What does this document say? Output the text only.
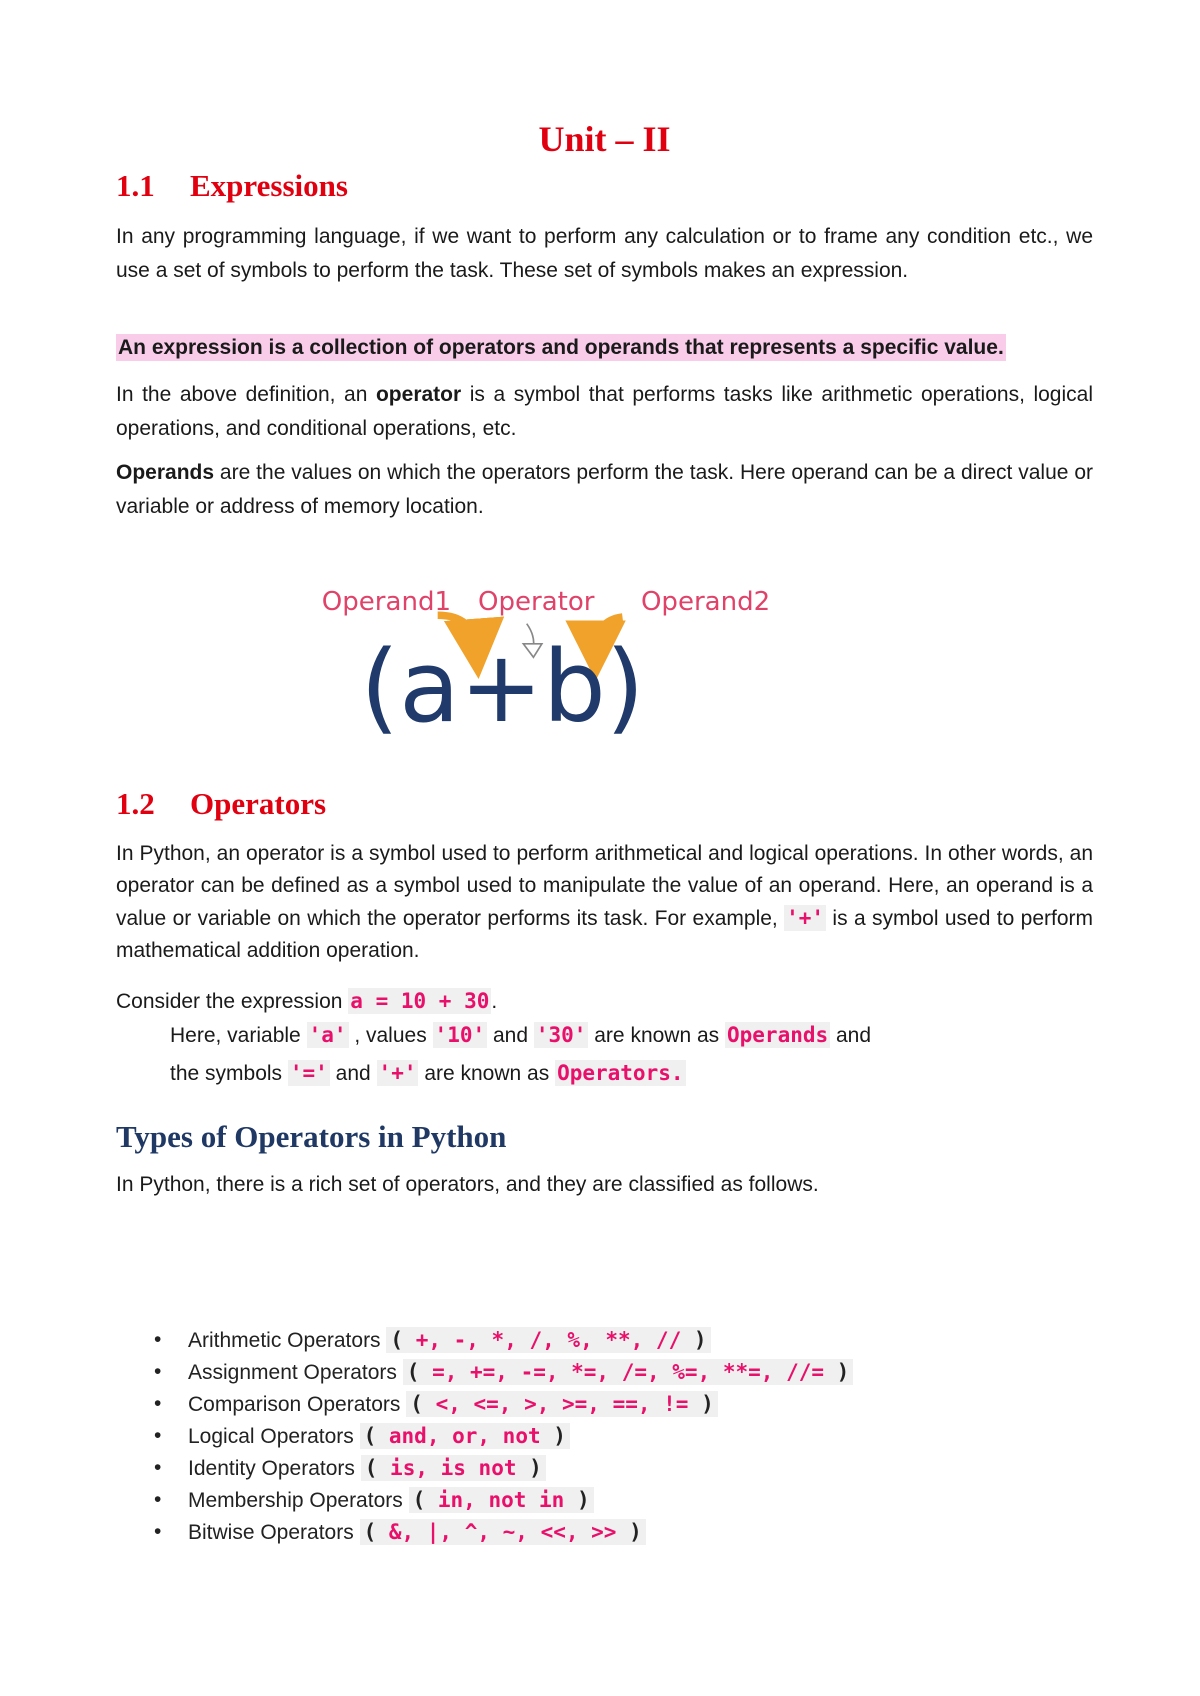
Unit – II
1.1 Expressions

In any programming language, if we want to perform any calculation or to frame any condition etc., we use a set of symbols to perform the task. These set of symbols makes an expression.

An expression is a collection of operators and operands that represents a specific value.

In the above definition, an operator is a symbol that performs tasks like arithmetic operations, logical operations, and conditional operations, etc.

Operands are the values on which the operators perform the task. Here operand can be a direct value or variable or address of memory location.

1.2 Operators

In Python, an operator is a symbol used to perform arithmetical and logical operations. In other words, an operator can be defined as a symbol used to manipulate the value of an operand. Here, an operand is a value or variable on which the operator performs its task. For example, '+' is a symbol used to perform mathematical addition operation.

Consider the expression a = 10 + 30.

Here, variable 'a' , values '10' and '30' are known as Operands and

the symbols '=' and '+' are known as Operators.

Types of Operators in Python

In Python, there is a rich set of operators, and they are classified as follows.

• Arithmetic Operators ( +, -, *, /, %, **, // )
• Assignment Operators ( =, +=, -=, *=, /=, %=, **=, //= )
• Comparison Operators ( <, <=, >, >=, ==, != )
• Logical Operators ( and, or, not )
• Identity Operators ( is, is not )
• Membership Operators ( in, not in )
• Bitwise Operators ( &, |, ^, ~, <<, >> )
Operand1 Operator Operand2
(a+b)
